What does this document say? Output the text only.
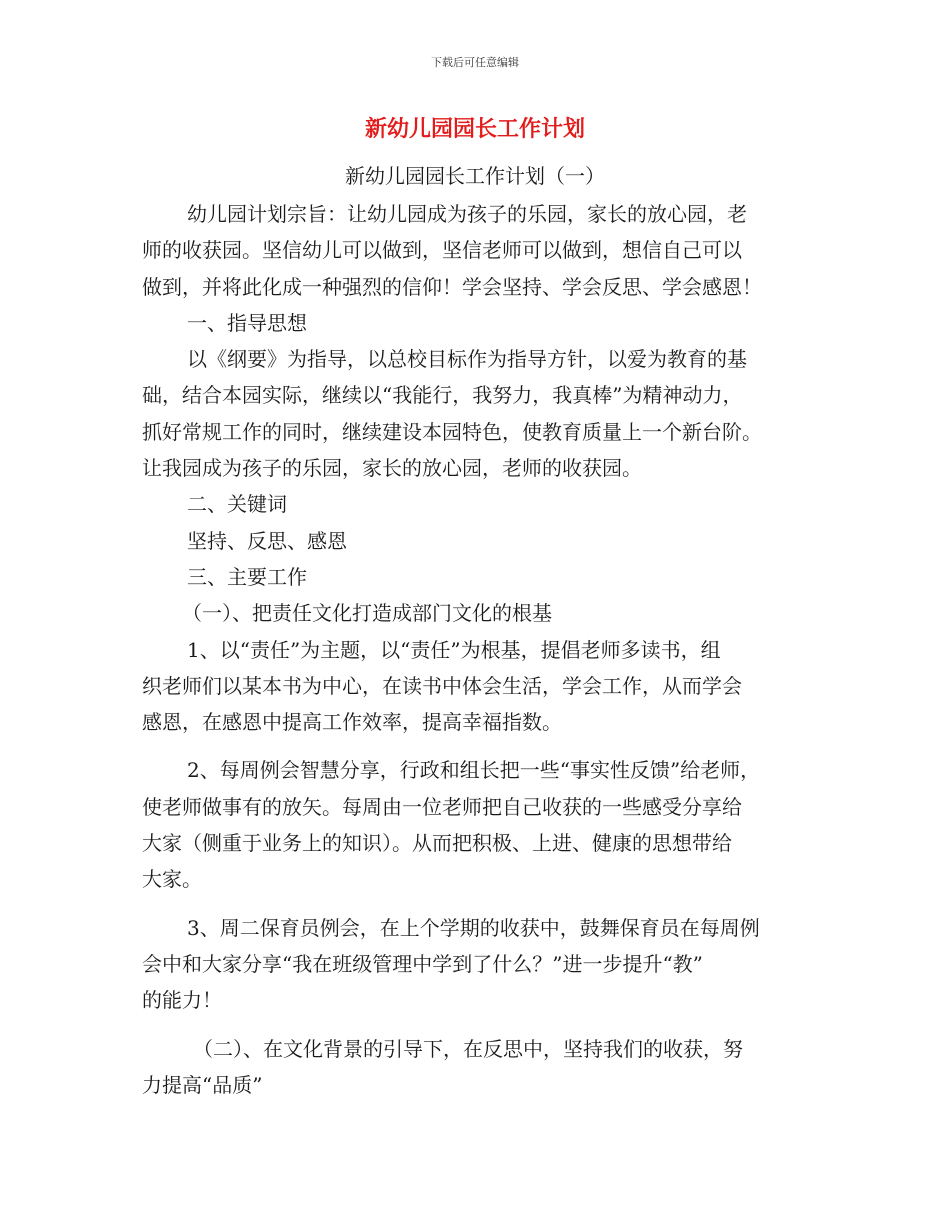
下载后可任意编辑
新幼儿园园长工作计划
新幼儿园园长工作计划（一）
幼儿园计划宗旨：让幼儿园成为孩子的乐园，家长的放心园，老
师的收获园。坚信幼儿可以做到，坚信老师可以做到，想信自己可以
做到，并将此化成一种强烈的信仰！学会坚持、学会反思、学会感恩！
一、指导思想
以《纲要》为指导，以总校目标作为指导方针，以爱为教育的基
础，结合本园实际，继续以“我能行，我努力，我真棒”为精神动力，
抓好常规工作的同时，继续建设本园特色，使教育质量上一个新台阶。
让我园成为孩子的乐园，家长的放心园，老师的收获园。
二、关键词
坚持、反思、感恩
三、主要工作
（一）、把责任文化打造成部门文化的根基
1、以“责任”为主题，以“责任”为根基，提倡老师多读书，组
织老师们以某本书为中心，在读书中体会生活，学会工作，从而学会
感恩，在感恩中提高工作效率，提高幸福指数。
2、每周例会智慧分享，行政和组长把一些“事实性反馈”给老师，
使老师做事有的放矢。每周由一位老师把自己收获的一些感受分享给
大家（侧重于业务上的知识）。从而把积极、上进、健康的思想带给
大家。
3、周二保育员例会，在上个学期的收获中，鼓舞保育员在每周例
会中和大家分享“我在班级管理中学到了什么？”进一步提升“教”
的能力！
（二）、在文化背景的引导下，在反思中，坚持我们的收获，努
力提高“品质”
